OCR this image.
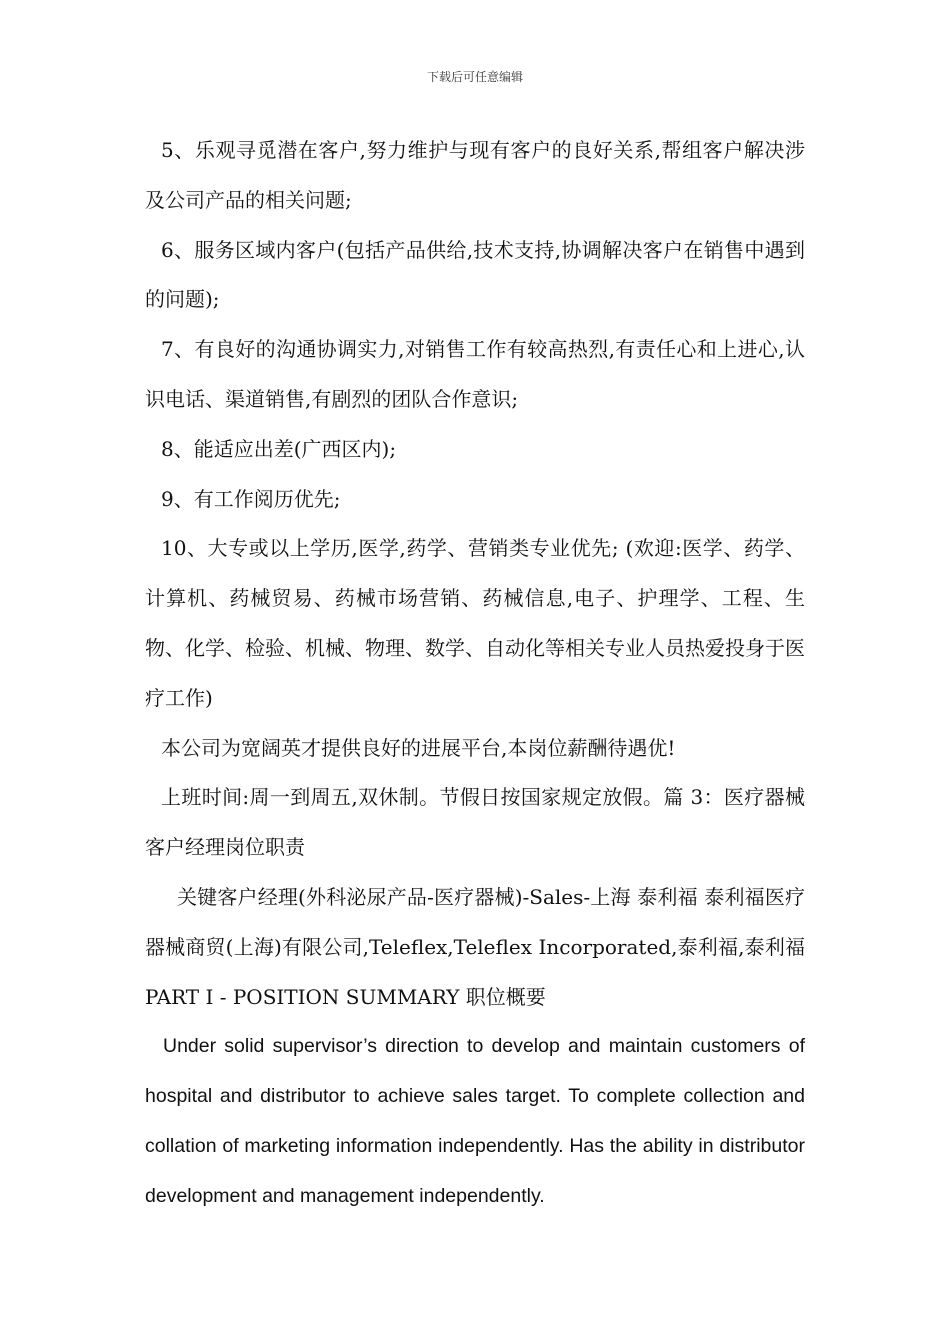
下载后可任意编辑

5、乐观寻觅潜在客户,努力维护与现有客户的良好关系,帮组客户解决涉及公司产品的相关问题;

6、服务区域内客户(包括产品供给,技术支持,协调解决客户在销售中遇到的问题);

7、有良好的沟通协调实力,对销售工作有较高热烈,有责任心和上进心,认识电话、渠道销售,有剧烈的团队合作意识;

8、能适应出差(广西区内);

9、有工作阅历优先;

10、大专或以上学历,医学,药学、营销类专业优先; (欢迎:医学、药学、计算机、药械贸易、药械市场营销、药械信息,电子、护理学、工程、生物、化学、检验、机械、物理、数学、自动化等相关专业人员热爱投身于医疗工作)

本公司为宽阔英才提供良好的进展平台,本岗位薪酬待遇优!

上班时间:周一到周五,双休制。节假日按国家规定放假。篇 3：医疗器械客户经理岗位职责

关键客户经理(外科泌尿产品-医疗器械)-Sales-上海 泰利福 泰利福医疗器械商贸(上海)有限公司,Teleflex,Teleflex Incorporated,泰利福,泰利福 PART I - POSITION SUMMARY 职位概要

Under solid supervisor’s direction to develop and maintain customers of hospital and distributor to achieve sales target. To complete collection and collation of marketing information independently. Has the ability in distributor development and management independently.
